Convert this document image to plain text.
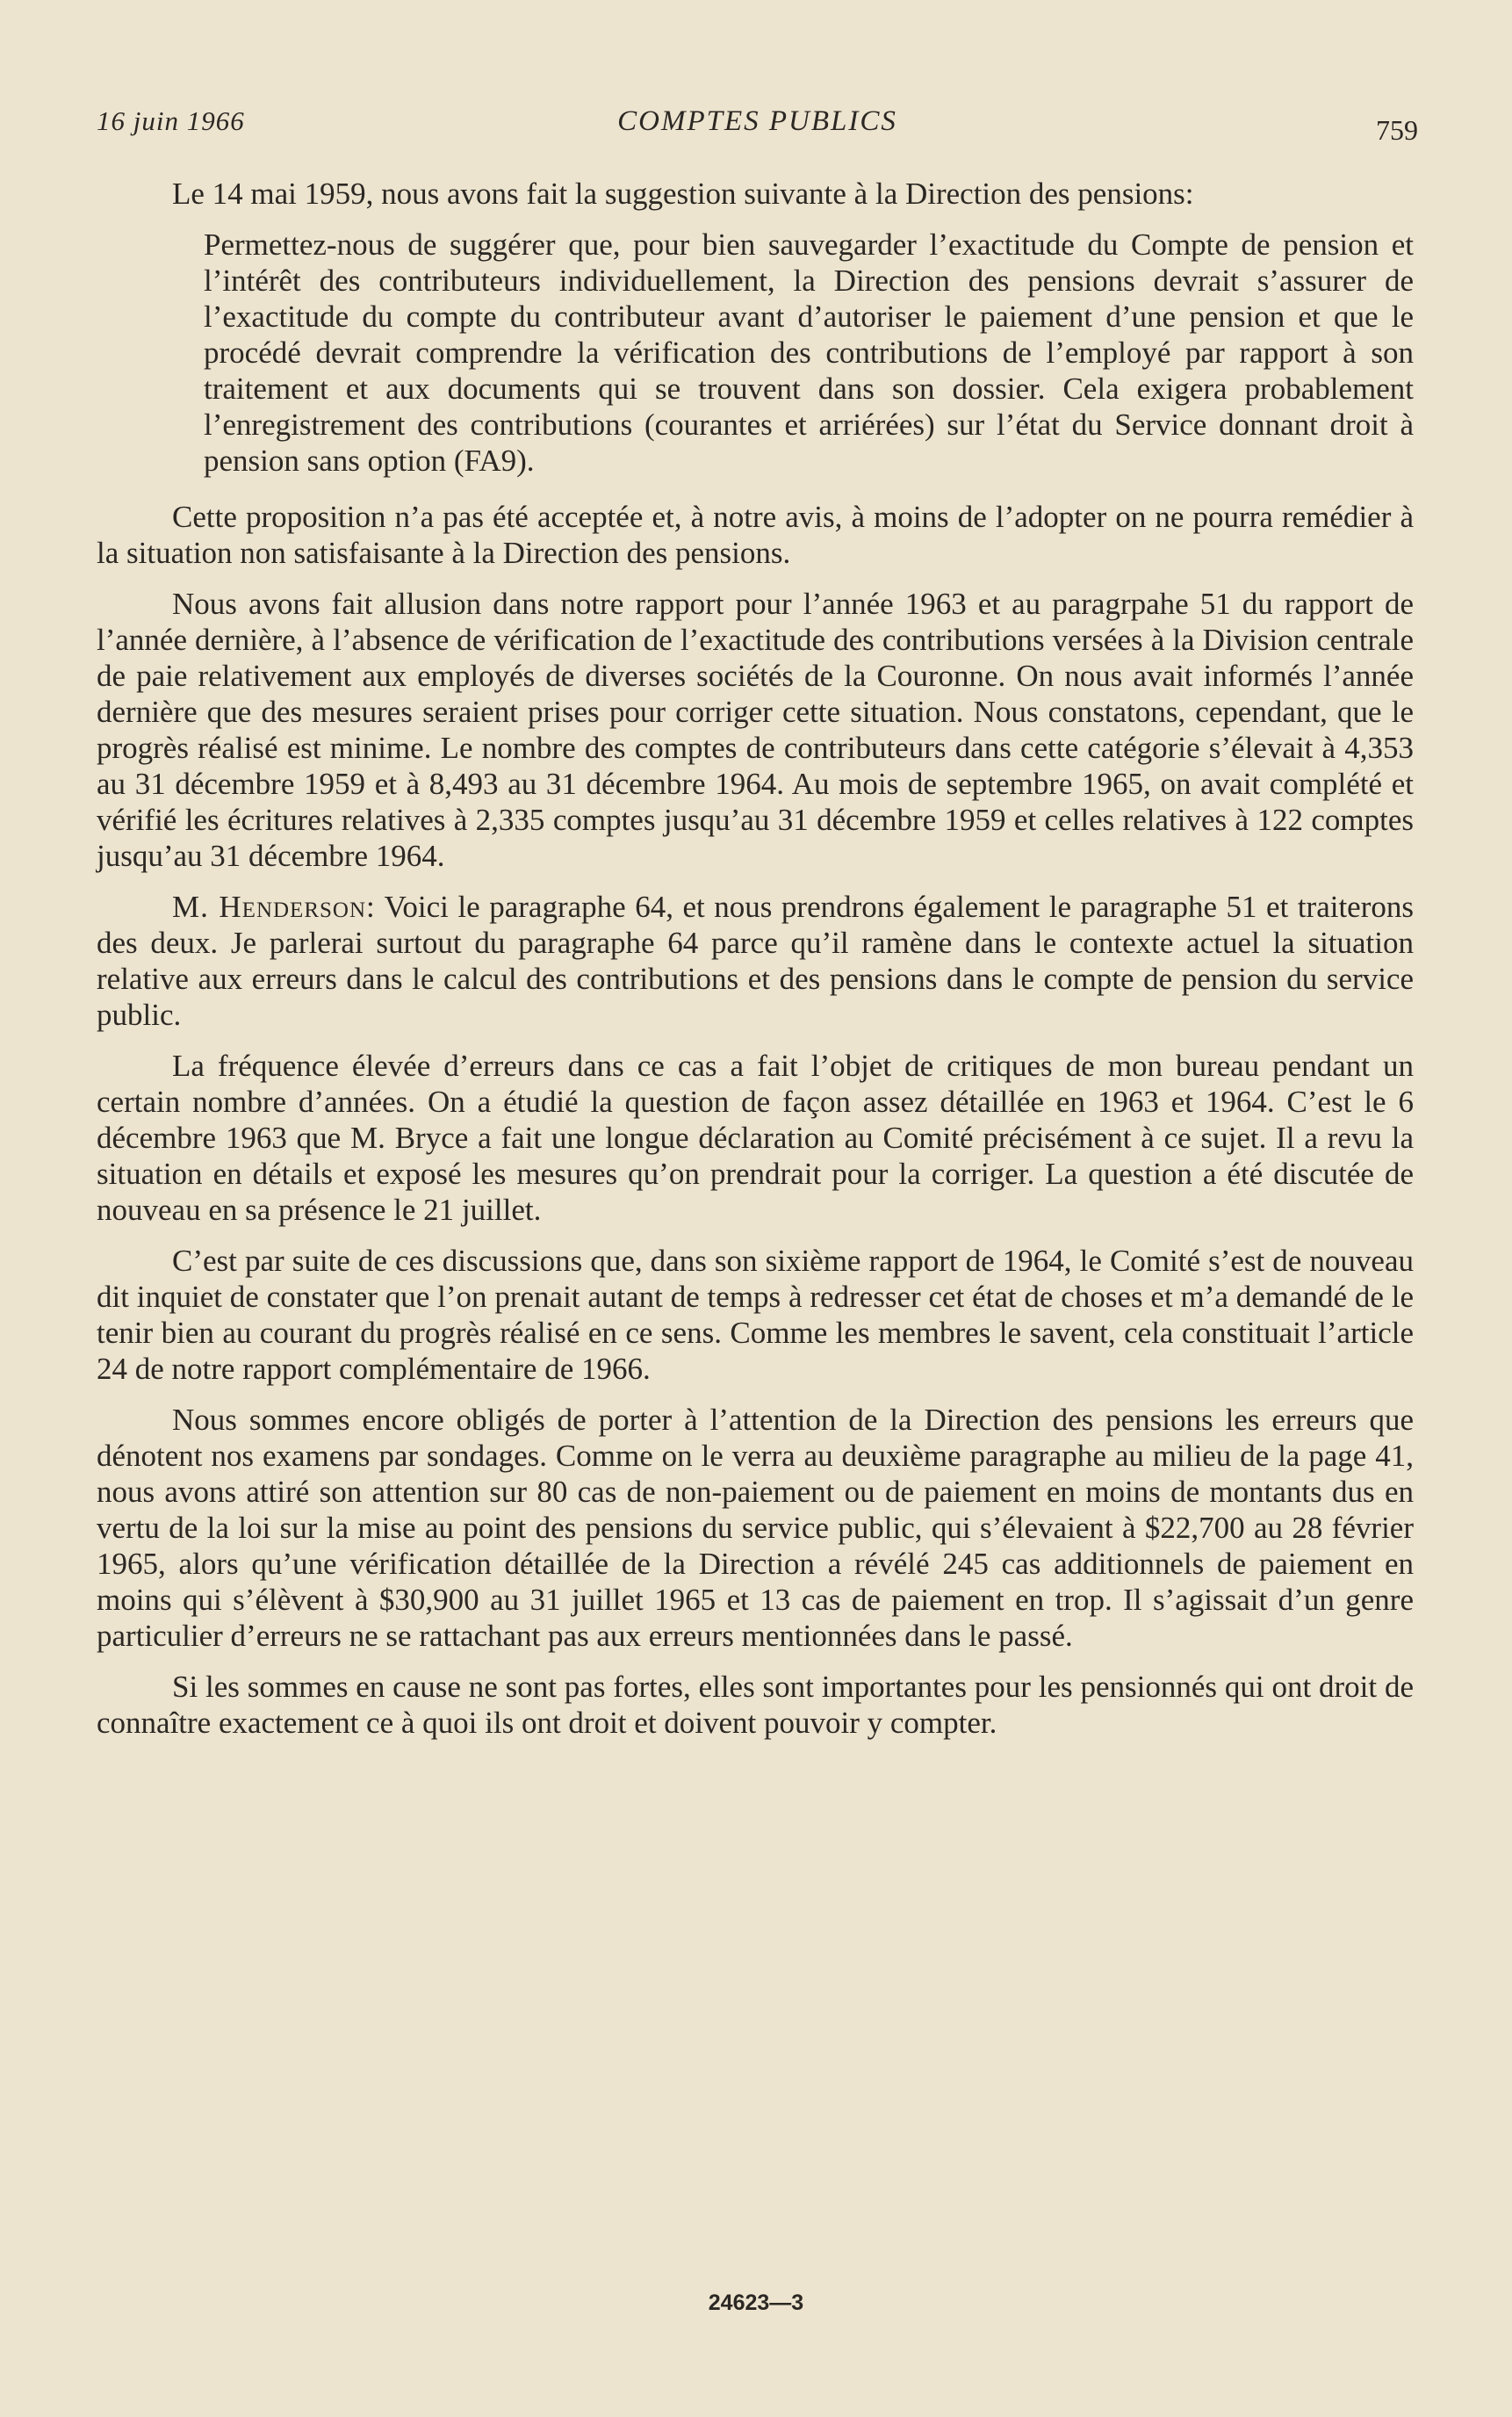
16 juin 1966	COMPTES PUBLICS	759

Le 14 mai 1959, nous avons fait la suggestion suivante à la Direction des pensions:

Permettez-nous de suggérer que, pour bien sauvegarder l’exactitude du Compte de pension et l’intérêt des contributeurs individuellement, la Direction des pensions devrait s’assurer de l’exactitude du compte du contributeur avant d’autoriser le paiement d’une pension et que le procédé devrait comprendre la vérification des contributions de l’employé par rapport à son traitement et aux documents qui se trouvent dans son dossier. Cela exigera probablement l’enregistrement des contributions (courantes et arriérées) sur l’état du Service donnant droit à pension sans option (FA9).

Cette proposition n’a pas été acceptée et, à notre avis, à moins de l’adopter on ne pourra remédier à la situation non satisfaisante à la Direction des pensions.

Nous avons fait allusion dans notre rapport pour l’année 1963 et au paragrpahe 51 du rapport de l’année dernière, à l’absence de vérification de l’exactitude des contributions versées à la Division centrale de paie relativement aux employés de diverses sociétés de la Couronne. On nous avait informés l’année dernière que des mesures seraient prises pour corriger cette situation. Nous constatons, cependant, que le progrès réalisé est minime. Le nombre des comptes de contributeurs dans cette catégorie s’élevait à 4,353 au 31 décembre 1959 et à 8,493 au 31 décembre 1964. Au mois de septembre 1965, on avait complété et vérifié les écritures relatives à 2,335 comptes jusqu’au 31 décembre 1959 et celles relatives à 122 comptes jusqu’au 31 décembre 1964.

M. Henderson: Voici le paragraphe 64, et nous prendrons également le paragraphe 51 et traiterons des deux. Je parlerai surtout du paragraphe 64 parce qu’il ramène dans le contexte actuel la situation relative aux erreurs dans le calcul des contributions et des pensions dans le compte de pension du service public.

La fréquence élevée d’erreurs dans ce cas a fait l’objet de critiques de mon bureau pendant un certain nombre d’années. On a étudié la question de façon assez détaillée en 1963 et 1964. C’est le 6 décembre 1963 que M. Bryce a fait une longue déclaration au Comité précisément à ce sujet. Il a revu la situation en détails et exposé les mesures qu’on prendrait pour la corriger. La question a été discutée de nouveau en sa présence le 21 juillet.

C’est par suite de ces discussions que, dans son sixième rapport de 1964, le Comité s’est de nouveau dit inquiet de constater que l’on prenait autant de temps à redresser cet état de choses et m’a demandé de le tenir bien au courant du progrès réalisé en ce sens. Comme les membres le savent, cela constituait l’article 24 de notre rapport complémentaire de 1966.

Nous sommes encore obligés de porter à l’attention de la Direction des pensions les erreurs que dénotent nos examens par sondages. Comme on le verra au deuxième paragraphe au milieu de la page 41, nous avons attiré son attention sur 80 cas de non-paiement ou de paiement en moins de montants dus en vertu de la loi sur la mise au point des pensions du service public, qui s’élevaient à $22,700 au 28 février 1965, alors qu’une vérification détaillée de la Direction a révélé 245 cas additionnels de paiement en moins qui s’élèvent à $30,900 au 31 juillet 1965 et 13 cas de paiement en trop. Il s’agissait d’un genre particulier d’erreurs ne se rattachant pas aux erreurs mentionnées dans le passé.

Si les sommes en cause ne sont pas fortes, elles sont importantes pour les pensionnés qui ont droit de connaître exactement ce à quoi ils ont droit et doivent pouvoir y compter.

24623—3
